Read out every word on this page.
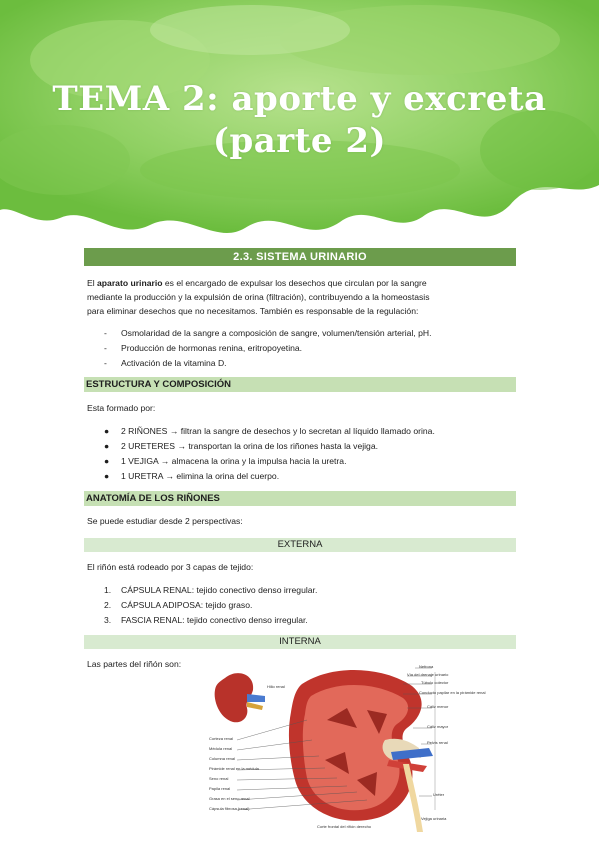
TEMA 2: aporte y excreta
(parte 2)
2.3. SISTEMA URINARIO
El aparato urinario es el encargado de expulsar los desechos que circulan por la sangre
mediante la producción y la expulsión de orina (filtración), contribuyendo a la homeostasis
para eliminar desechos que no necesitamos. También es responsable de la regulación:
- Osmolaridad de la sangre a composición de sangre, volumen/tensión arterial, pH.
- Producción de hormonas renina, eritropoyetina.
- Activación de la vitamina D.
ESTRUCTURA Y COMPOSICIÓN
Esta formado por:
● 2 RIÑONES → filtran la sangre de desechos y lo secretan al líquido llamado orina.
● 2 URETERES → transportan la orina de los riñones hasta la vejiga.
● 1 VEJIGA → almacena la orina y la impulsa hacia la uretra.
● 1 URETRA → elimina la orina del cuerpo.
ANATOMÍA DE LOS RIÑONES
Se puede estudiar desde 2 perspectivas:
EXTERNA
El riñón está rodeado por 3 capas de tejido:
1. CÁPSULA RENAL: tejido conectivo denso irregular.
2. CÁPSULA ADIPOSA: tejido graso.
3. FASCIA RENAL: tejido conectivo denso irregular.
INTERNA
Las partes del riñón son:
Hilio renal
Corteza renal
Médula renal
Columna renal
Pirámide renal en la médula
Seno renal
Papila renal
Grasa en el seno renal
Cápsula fibrosa (renal)
Nefrona
Vía del drenaje urinario
Túbulo colector
Conducto papilar en la pirámide renal
Cáliz menor
Cáliz mayor
Pelvis renal
Uréter
Vejiga urinaria
Corte frontal del riñón derecho
